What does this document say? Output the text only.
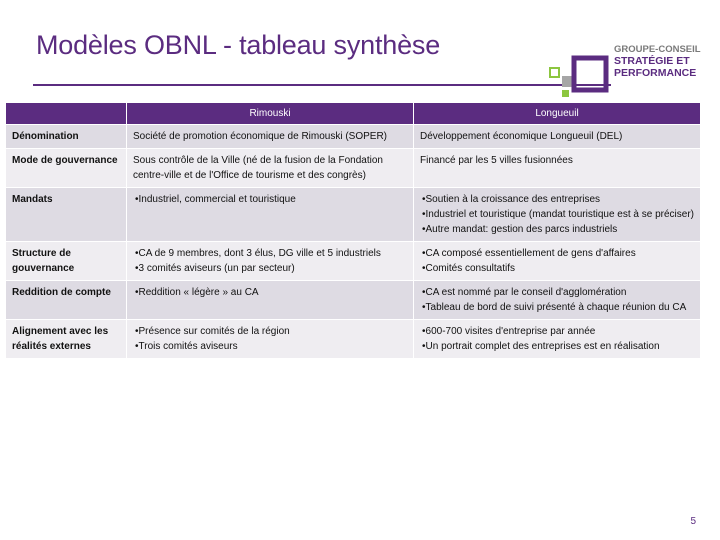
Modèles OBNL - tableau synthèse	GROUPE-CONSEIL
STRATÉGIE ET
PERFORMANCE
	Rimouski	Longueuil
Dénomination	Société de promotion économique de Rimouski (SOPER)	Développement économique Longueuil (DEL)
Mode de gouvernance	Sous contrôle de la Ville (né de la fusion de la Fondation centre-ville et de l'Office de tourisme et des congrès)	Financé par les 5 villes fusionnées
Mandats	• Industriel, commercial et touristique	• Soutien à la croissance des entreprises
• Industriel et touristique (mandat touristique est à se préciser)
• Autre mandat: gestion des parcs industriels

Structure de gouvernance	• CA de 9 membres, dont 3 élus, DG ville et 5 industriels
• 3 comités aviseurs (un par secteur)	• CA composé essentiellement de gens d'affaires
• Comités consultatifs

Reddition de compte	• Reddition « légère » au CA	• CA est nommé par le conseil d'agglomération
• Tableau de bord de suivi présenté à chaque réunion du CA

Alignement avec les réalités externes	• Présence sur comités de la région
• Trois comités aviseurs	• 600-700 visites d'entreprise par année
• Un portrait complet des entreprises est en réalisation
5
